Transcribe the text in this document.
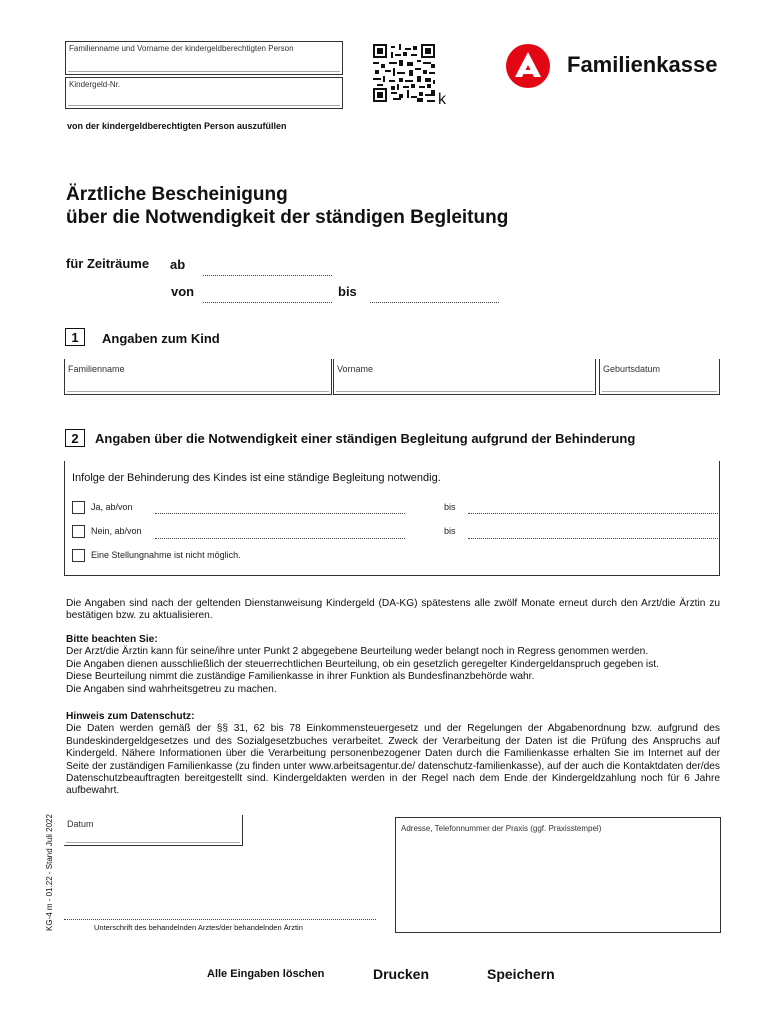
Familienname und Vorname der kindergeldberechtigten Person
Kindergeld-Nr.
von der kindergeldberechtigten Person auszufüllen
k
Familienkasse
Ärztliche Bescheinigung
über die Notwendigkeit der ständigen Begleitung
für Zeiträume ab
von	bis
1	Angaben zum Kind
Familienname	Vorname	Geburtsdatum
2	Angaben über die Notwendigkeit einer ständigen Begleitung aufgrund der Behinderung
Infolge der Behinderung des Kindes ist eine ständige Begleitung notwendig.
Ja, ab/von	bis
Nein, ab/von	bis
Eine Stellungnahme ist nicht möglich.
Die Angaben sind nach der geltenden Dienstanweisung Kindergeld (DA-KG) spätestens alle zwölf Monate erneut durch den Arzt/die Ärztin zu bestätigen bzw. zu aktualisieren.
Bitte beachten Sie:
Der Arzt/die Ärztin kann für seine/ihre unter Punkt 2 abgegebene Beurteilung weder belangt noch in Regress genommen werden.
Die Angaben dienen ausschließlich der steuerrechtlichen Beurteilung, ob ein gesetzlich geregelter Kindergeldanspruch gegeben ist.
Diese Beurteilung nimmt die zuständige Familienkasse in ihrer Funktion als Bundesfinanzbehörde wahr.
Die Angaben sind wahrheitsgetreu zu machen.
Hinweis zum Datenschutz:
Die Daten werden gemäß der §§ 31, 62 bis 78 Einkommensteuergesetz und der Regelungen der Abgabenordnung bzw. aufgrund des Bundeskindergeldgesetzes und des Sozialgesetzbuches verarbeitet. Zweck der Verarbeitung der Daten ist die Prüfung des Anspruchs auf Kindergeld. Nähere Informationen über die Verarbeitung personenbezogener Daten durch die Familienkasse erhalten Sie im Internet auf der Seite der zuständigen Familienkasse (zu finden unter www.arbeitsagentur.de/ datenschutz-familienkasse), auf der auch die Kontaktdaten der/des Datenschutzbeauftragten bereitgestellt sind. Kindergeldakten werden in der Regel nach dem Ende der Kindergeldzahlung noch für 6 Jahre aufbewahrt.
Datum	Adresse, Telefonnummer der Praxis (ggf. Praxisstempel)
Unterschrift des behandelnden Arztes/der behandelnden Ärztin
KG-4 m - 01.22 - Stand Juli 2022
Alle Eingaben löschen	Drucken	Speichern
